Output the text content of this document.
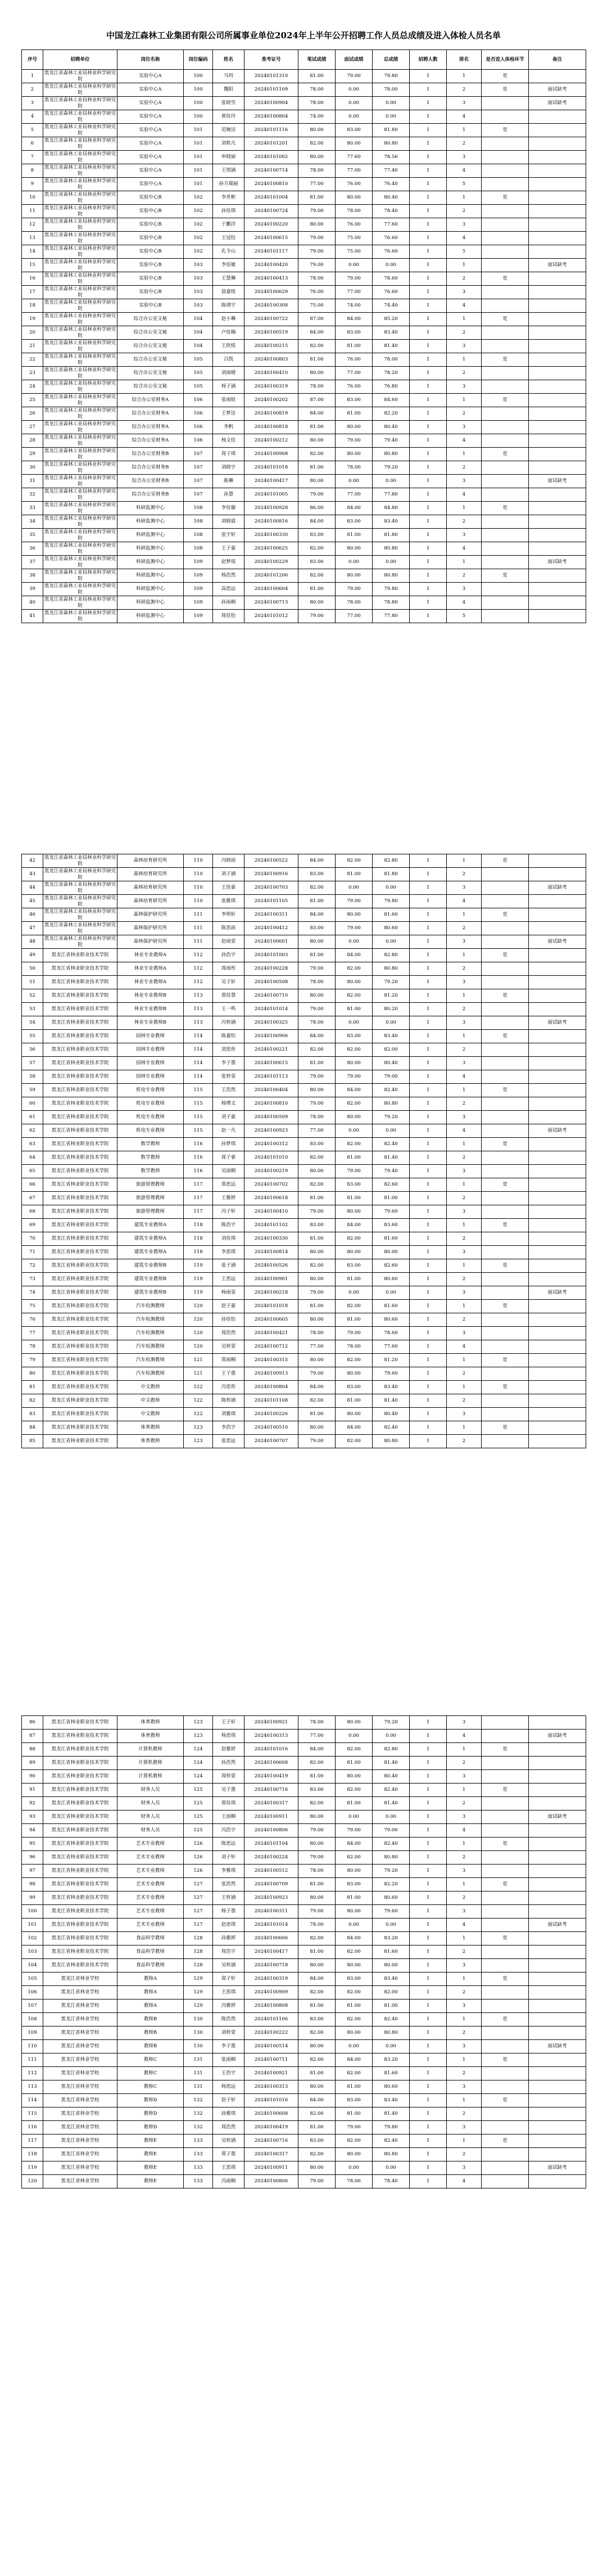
中国龙江森林工业集团有限公司所属事业单位2024年上半年公开招聘工作人员总成绩及进入体检人员名单
序号	招聘单位	岗位名称	岗位编码	姓名	准考证号	笔试成绩	面试成绩	总成绩	招聘人数	排名	是否进入体检环节	备注
1	黑龙江省森林工业局林业科学研究院	实验中心A	100	马玥	20240101310	81.00	79.00	79.80	1	1	是	
2	黑龙江省森林工业局林业科学研究院	实验中心A	100	魏阳	20240101109	78.00	0.00	78.00	1	2	是	面试缺考
3	黑龙江省森林工业局林业科学研究院	实验中心A	100	张晓雪	20240100904	78.00	0.00	0.00	1	3		面试缺考
4	黑龙江省森林工业局林业科学研究院	实验中心A	100	黄佳玲	20240100804	74.00	0.00	0.00	1	4		
5	黑龙江省森林工业局林业科学研究院	实验中心A	101	范婉洁	20240101116	80.00	83.00	81.80	1	1	是	
6	黑龙江省森林工业局林业科学研究院	实验中心A	101	刘轶凡	20240101201	82.00	80.00	80.80	1	2		
7	黑龙江省森林工业局林业科学研究院	实验中心A	101	申晓丽	20240101002	80.00	77.60	78.56	1	3		
8	黑龙江省森林工业局林业科学研究院	实验中心A	101	王珺涵	20240100714	78.00	77.00	77.40	1	4		
9	黑龙江省森林工业局林业科学研究院	实验中心A	101	孙方瑞丽	20240100810	77.00	76.00	76.40	1	5		
10	黑龙江省森林工业局林业科学研究院	实验中心B	102	李世彬	20240101004	81.00	80.00	80.40	1	1	是	
11	黑龙江省森林工业局林业科学研究院	实验中心B	102	孙佳琪	20240100724	79.00	78.00	78.40	1	2		
12	黑龙江省森林工业局林业科学研究院	实验中心B	102	于鹏洋	20240100220	80.00	76.00	77.60	1	3		
13	黑龙江省森林工业局林业科学研究院	实验中心B	102	王冠钰	20240100615	79.00	75.00	76.60	1	4		
14	黑龙江省森林工业局林业科学研究院	实验中心B	102	孔令山	20240101117	79.00	75.00	76.60	1	5		
15	黑龙江省森林工业局林业科学研究院	实验中心B	103	李佳敏	20240100420	79.00	0.00	0.00	1	1		面试缺考
16	黑龙江省森林工业局林业科学研究院	实验中心B	103	王慧琳	20240100413	78.00	79.00	78.60	1	2	是	
17	黑龙江省森林工业局林业科学研究院	实验中心B	103	徐嘉悦	20240100629	76.00	77.00	76.60	1	3		
18	黑龙江省森林工业局林业科学研究院	实验中心B	103	陈靖宇	20240100308	75.00	74.00	74.40	1	4		
19	黑龙江省森林工业局林业科学研究院	综合办公室文秘	104	赵小琳	20240100722	87.00	84.00	85.20	1	1	是	
20	黑龙江省森林工业局林业科学研究院	综合办公室文秘	104	卢佳楠	20240100519	84.00	83.00	83.40	1	2		
21	黑龙江省森林工业局林业科学研究院	综合办公室文秘	104	王欣悦	20240100215	82.00	81.00	81.40	1	3		
22	黑龙江省森林工业局林业科学研究院	综合办公室文秘	105	吕凯	20240100803	81.00	76.00	78.00	1	1	是	
23	黑龙江省森林工业局林业科学研究院	综合办公室文秘	105	刘雨晴	20240100410	80.00	77.00	78.20	1	2		
24	黑龙江省森林工业局林业科学研究院	综合办公室文秘	105	杨子涵	20240100319	78.00	76.00	76.80	1	3		
25	黑龙江省森林工业局林业科学研究院	综合办公室财务A	106	张雨晗	20240100202	87.00	83.00	84.60	1	1	是	
26	黑龙江省森林工业局林业科学研究院	综合办公室财务A	106	王梦洁	20240100819	84.00	81.00	82.20	1	2		
27	黑龙江省森林工业局林业科学研究院	综合办公室财务A	106	李帆	20240100818	81.00	80.00	80.40	1	3		
28	黑龙江省森林工业局林业科学研究院	综合办公室财务A	106	杨文佳	20240100212	80.00	79.00	79.40	1	4		
29	黑龙江省森林工业局林业科学研究院	综合办公室财务B	107	周子琪	20240100908	82.00	80.00	80.80	1	1	是	
30	黑龙江省森林工业局林业科学研究院	综合办公室财务B	107	刘晓宇	20240101018	81.00	78.00	79.20	1	2		
31	黑龙江省森林工业局林业科学研究院	综合办公室财务B	107	陈琳	20240100417	80.00	0.00	0.00	1	3		面试缺考
32	黑龙江省森林工业局林业科学研究院	综合办公室财务B	107	孙慧	20240101005	79.00	77.00	77.80	1	4		
33	黑龙江省森林工业局林业科学研究院	科研监测中心	108	李佳璇	20240100928	86.00	84.00	84.80	1	1	是	
34	黑龙江省森林工业局林业科学研究院	科研监测中心	108	刘晓晨	20240100816	84.00	83.00	83.40	1	2		
35	黑龙江省森林工业局林业科学研究院	科研监测中心	108	张宇轩	20240100330	83.00	81.00	81.80	1	3		
36	黑龙江省森林工业局林业科学研究院	科研监测中心	108	王子豪	20240100625	82.00	80.00	80.80	1	4		
37	黑龙江省森林工业局林业科学研究院	科研监测中心	109	赵梦瑶	20240100229	83.00	0.00	0.00	1	1		面试缺考
38	黑龙江省森林工业局林业科学研究院	科研监测中心	109	杨浩然	20240101206	82.00	80.00	80.80	1	2	是	
39	黑龙江省森林工业局林业科学研究院	科研监测中心	109	高思远	20240100604	81.00	79.00	79.80	1	3		
40	黑龙江省森林工业局林业科学研究院	科研监测中心	109	孙雨桐	20240100713	80.00	78.00	78.80	1	4		
41	黑龙江省森林工业局林业科学研究院	科研监测中心	109	周佳怡	20240101012	79.00	77.00	77.80	1	5		
42	黑龙江省森林工业局林业科学研究院	森林培育研究所	110	冯晓雨	20240100522	84.00	82.00	82.80	1	1	是	
43	黑龙江省森林工业局林业科学研究院	森林培育研究所	110	刘子涵	20240100916	83.00	81.00	81.80	1	2		
44	黑龙江省森林工业局林业科学研究院	森林培育研究所	110	王佳豪	20240100703	82.00	0.00	0.00	1	3		面试缺考
45	黑龙江省森林工业局林业科学研究院	森林培育研究所	110	张雅琪	20240101105	81.00	79.00	79.80	1	4		
46	黑龙江省森林工业局林业科学研究院	森林保护研究所	111	李明轩	20240100311	84.00	80.00	81.60	1	1	是	
47	黑龙江省森林工业局林业科学研究院	森林保护研究所	111	陈思雨	20240100412	83.00	79.00	80.60	1	2		
48	黑龙江省森林工业局林业科学研究院	森林保护研究所	111	赵雨萱	20240100601	80.00	0.00	0.00	1	3		面试缺考
49	黑龙江省林业职业技术学院	林业专业教师A	112	孙浩宇	20240101003	81.00	84.00	82.80	1	1	是	
50	黑龙江省林业职业技术学院	林业专业教师A	112	周雨彤	20240100228	79.00	82.00	80.80	1	2		
51	黑龙江省林业职业技术学院	林业专业教师A	112	吴子轩	20240100508	78.00	80.00	79.20	1	3		
52	黑龙江省林业职业技术学院	林业专业教师B	113	郑佳慧	20240100710	80.00	82.00	81.20	1	1	是	
53	黑龙江省林业职业技术学院	林业专业教师B	113	王一鸣	20240101014	79.00	81.00	80.20	1	2		
54	黑龙江省林业职业技术学院	林业专业教师B	113	冯梓涵	20240100325	78.00	0.00	0.00	1	3		面试缺考
55	黑龙江省林业职业技术学院	园林专业教师	114	陈嘉怡	20240100906	84.00	83.00	83.40	1	1	是	
56	黑龙江省林业职业技术学院	园林专业教师	114	刘思彤	20240100221	82.00	82.00	82.00	1	2		
57	黑龙江省林业职业技术学院	园林专业教师	114	李子墨	20240100615	81.00	80.00	80.40	1	3		
58	黑龙江省林业职业技术学院	园林专业教师	114	张梓萱	20240101113	79.00	79.00	79.00	1	4		
59	黑龙江省林业职业技术学院	机电专业教师	115	王浩然	20240100404	80.00	84.00	82.40	1	1	是	
60	黑龙江省林业职业技术学院	机电专业教师	115	杨博文	20240100810	79.00	82.00	80.80	1	2		
61	黑龙江省林业职业技术学院	机电专业教师	115	刘子豪	20240100509	78.00	80.00	79.20	1	3		
62	黑龙江省林业职业技术学院	机电专业教师	115	赵一凡	20240100923	77.00	0.00	0.00	1	4		面试缺考
63	黑龙江省林业职业技术学院	数学教师	116	孙梦琪	20240100312	83.00	82.00	82.40	1	1	是	
64	黑龙江省林业职业技术学院	数学教师	116	周子睿	20240101010	82.00	81.00	81.40	1	2		
65	黑龙江省林业职业技术学院	数学教师	116	吴雨桐	20240100219	80.00	79.00	79.40	1	3		
66	黑龙江省林业职业技术学院	旅游管理教师	117	郑思远	20240100702	82.00	83.00	82.60	1	1	是	
67	黑龙江省林业职业技术学院	旅游管理教师	117	王雅婷	20240100618	81.00	81.00	81.00	1	2		
68	黑龙江省林业职业技术学院	旅游管理教师	117	冯子轩	20240100410	79.00	80.00	79.60	1	3		
69	黑龙江省林业职业技术学院	建筑专业教师A	118	陈浩宇	20240101102	83.00	84.00	83.60	1	1	是	
70	黑龙江省林业职业技术学院	建筑专业教师A	118	刘佳琪	20240100330	81.00	82.00	81.60	1	2		
71	黑龙江省林业职业技术学院	建筑专业教师A	118	李思琪	20240100814	80.00	80.00	80.00	1	3		
72	黑龙江省林业职业技术学院	建筑专业教师B	119	张子涵	20240100526	82.00	83.00	82.60	1	1	是	
73	黑龙江省林业职业技术学院	建筑专业教师B	119	王思远	20240100901	80.00	81.00	80.60	1	2		
74	黑龙江省林业职业技术学院	建筑专业教师B	119	杨雨萱	20240100218	79.00	0.00	0.00	1	3		面试缺考
75	黑龙江省林业职业技术学院	汽车检测教师	120	赵子豪	20240101018	81.00	82.00	81.60	1	1	是	
76	黑龙江省林业职业技术学院	汽车检测教师	120	孙佳怡	20240100605	80.00	81.00	80.60	1	2		
77	黑龙江省林业职业技术学院	汽车检测教师	120	周浩然	20240100421	78.00	79.00	78.60	1	3		
78	黑龙江省林业职业技术学院	汽车检测教师	120	吴梓萱	20240100712	77.00	78.00	77.60	1	4		
79	黑龙江省林业职业技术学院	汽车检测教师	121	郑雨桐	20240100315	80.00	82.00	81.20	1	1	是	
80	黑龙江省林业职业技术学院	汽车检测教师	121	王子墨	20240100913	79.00	80.00	79.60	1	2		
81	黑龙江省林业职业技术学院	中文教师	122	冯思彤	20240100804	84.00	83.00	83.40	1	1	是	
82	黑龙江省林业职业技术学院	中文教师	122	陈梓涵	20240101108	82.00	81.00	81.40	1	2		
83	黑龙江省林业职业技术学院	中文教师	122	刘雅琪	20240100226	81.00	80.00	80.40	1	3		
84	黑龙江省林业职业技术学院	体育教师	123	李浩宇	20240100510	80.00	84.00	82.40	1	1	是	
85	黑龙江省林业职业技术学院	体育教师	123	张思远	20240100707	79.00	82.00	80.80	1	2		
86	黑龙江省林业职业技术学院	体育教师	123	王子轩	20240100921	78.00	80.00	79.20	1	3		
87	黑龙江省林业职业技术学院	体育教师	123	杨思琪	20240100313	77.00	0.00	0.00	1	4		面试缺考
88	黑龙江省林业职业技术学院	计算机教师	124	赵雅婷	20240101016	84.00	82.00	82.80	1	1	是	
89	黑龙江省林业职业技术学院	计算机教师	124	孙浩然	20240100608	82.00	81.00	81.40	1	2		
90	黑龙江省林业职业技术学院	计算机教师	124	周梓萱	20240100419	81.00	80.00	80.40	1	3		
91	黑龙江省林业职业技术学院	财务人员	125	吴子墨	20240100716	83.00	82.00	82.40	1	1	是	
92	黑龙江省林业职业技术学院	财务人员	125	郑佳琪	20240100317	82.00	81.00	81.40	1	2		
93	黑龙江省林业职业技术学院	财务人员	125	王雨桐	20240100911	80.00	0.00	0.00	1	3		面试缺考
94	黑龙江省林业职业技术学院	财务人员	125	冯浩宇	20240100806	79.00	79.00	79.00	1	4		
95	黑龙江省林业职业技术学院	艺术专业教师	126	陈思远	20240101104	80.00	84.00	82.40	1	1	是	
96	黑龙江省林业职业技术学院	艺术专业教师	126	刘子轩	20240100224	79.00	82.00	80.80	1	2		
97	黑龙江省林业职业技术学院	艺术专业教师	126	李雅琪	20240100512	78.00	80.00	79.20	1	3		
98	黑龙江省林业职业技术学院	艺术专业教师	127	张浩然	20240100709	81.00	83.00	82.20	1	1	是	
99	黑龙江省林业职业技术学院	艺术专业教师	127	王梓涵	20240100923	80.00	81.00	80.60	1	2		
100	黑龙江省林业职业技术学院	艺术专业教师	127	杨子墨	20240100311	79.00	80.00	79.60	1	3		
101	黑龙江省林业职业技术学院	艺术专业教师	127	赵思琪	20240101014	78.00	0.00	0.00	1	4		面试缺考
102	黑龙江省林业职业技术学院	食品科学教师	128	孙雅婷	20240100606	82.00	84.00	83.20	1	1	是	
103	黑龙江省林业职业技术学院	食品科学教师	128	周浩宇	20240100417	81.00	82.00	81.60	1	2		
104	黑龙江省林业职业技术学院	食品科学教师	128	吴梓涵	20240100718	80.00	80.00	80.00	1	3		
105	黑龙江省林业学校	教师A	129	郑子轩	20240100319	84.00	83.00	83.40	1	1	是	
106	黑龙江省林业学校	教师A	129	王思琪	20240100909	82.00	82.00	82.00	1	2		
107	黑龙江省林业学校	教师A	129	冯雅婷	20240100808	81.00	81.00	81.00	1	3		
108	黑龙江省林业学校	教师B	130	陈浩然	20240101106	83.00	82.00	82.40	1	1	是	
109	黑龙江省林业学校	教师B	130	刘梓萱	20240100222	82.00	80.00	80.80	1	2		
110	黑龙江省林业学校	教师B	130	李子墨	20240100514	80.00	0.00	0.00	1	3		面试缺考
111	黑龙江省林业学校	教师C	131	张雨桐	20240100711	82.00	84.00	83.20	1	1	是	
112	黑龙江省林业学校	教师C	131	王浩宇	20240100921	81.00	82.00	81.60	1	2		
113	黑龙江省林业学校	教师C	131	杨思远	20240100313	80.00	81.00	80.60	1	3		
114	黑龙江省林业学校	教师D	132	赵子轩	20240101016	84.00	83.00	83.40	1	1	是	
115	黑龙江省林业学校	教师D	132	孙雅琪	20240100608	82.00	81.00	81.40	1	2		
116	黑龙江省林业学校	教师D	132	周浩然	20240100419	81.00	79.00	79.80	1	3		
117	黑龙江省林业学校	教师E	133	吴梓涵	20240100716	83.00	82.00	82.40	1	1	是	
118	黑龙江省林业学校	教师E	133	郑子墨	20240100317	82.00	80.00	80.80	1	2		
119	黑龙江省林业学校	教师E	133	王思琪	20240100911	80.00	0.00	0.00	1	3		面试缺考
120	黑龙江省林业学校	教师E	133	冯雨桐	20240100806	79.00	78.00	78.40	1	4		
